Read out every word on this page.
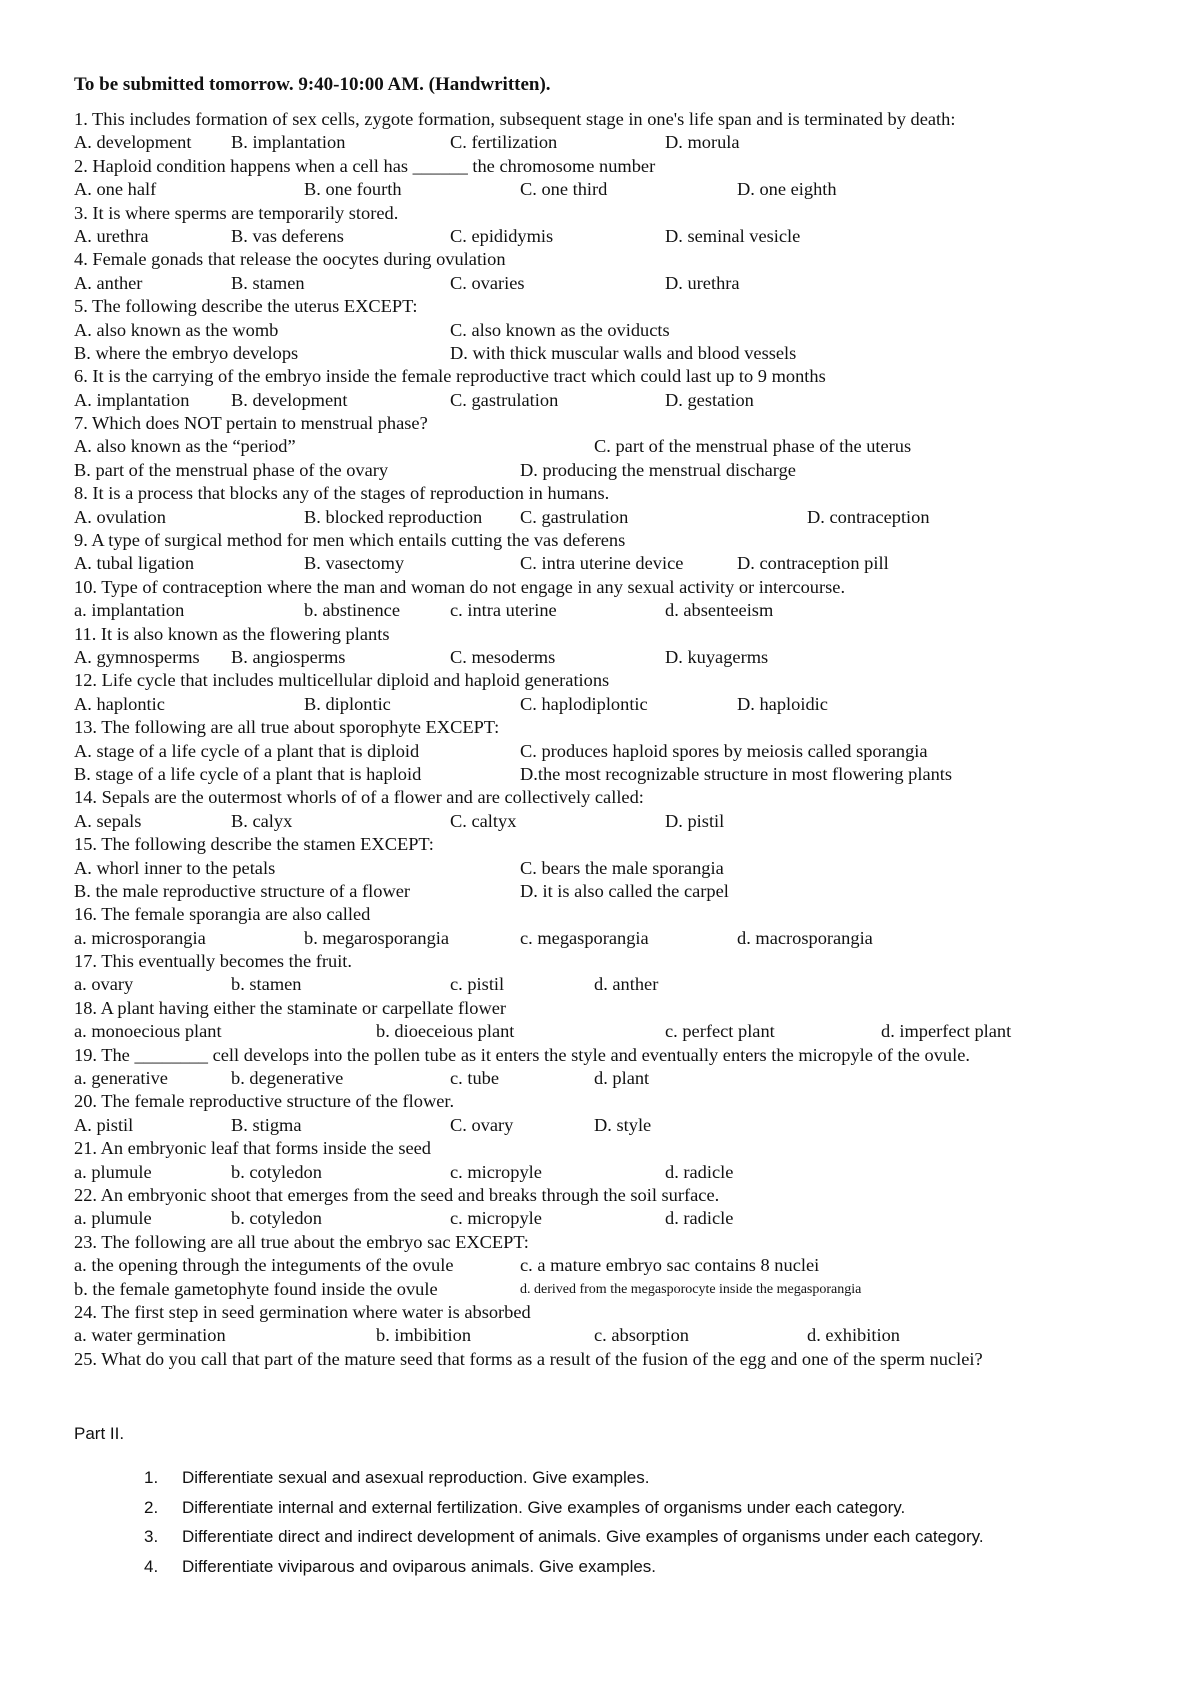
To be submitted tomorrow. 9:40-10:00 AM. (Handwritten).
1. This includes formation of sex cells, zygote formation, subsequent stage in one's life span and is terminated by death:
A. development B. implantation	C. fertilization	D. morula
2. Haploid condition happens when a cell has ______ the chromosome number
A. one half	B. one fourth	C. one third	D. one eighth
3. It is where sperms are temporarily stored.
A. urethra	B. vas deferens	C. epididymis	D. seminal vesicle
4. Female gonads that release the oocytes during ovulation
A. anther	B. stamen	C. ovaries	D. urethra
5. The following describe the uterus EXCEPT:
A. also known as the womb	C. also known as the oviducts
B. where the embryo develops	D. with thick muscular walls and blood vessels
6. It is the carrying of the embryo inside the female reproductive tract which could last up to 9 months
A. implantation B. development	C. gastrulation	D. gestation
7. Which does NOT pertain to menstrual phase?
A. also known as the “period”	C. part of the menstrual phase of the uterus
B. part of the menstrual phase of the ovary	D. producing the menstrual discharge
8. It is a process that blocks any of the stages of reproduction in humans.
A. ovulation	B. blocked reproduction C. gastrulation	D. contraception
9. A type of surgical method for men which entails cutting the vas deferens
A. tubal ligation	B. vasectomy	C. intra uterine device	D. contraception pill
10. Type of contraception where the man and woman do not engage in any sexual activity or intercourse.
a. implantation	b. abstinence	c. intra uterine	d. absenteeism
11. It is also known as the flowering plants
A. gymnosperms B. angiosperms	C. mesoderms	D. kuyagerms
12. Life cycle that includes multicellular diploid and haploid generations
A. haplontic	B. diplontic	C. haplodiplontic	D. haploidic
13. The following are all true about sporophyte EXCEPT:
A. stage of a life cycle of a plant that is diploid	C. produces haploid spores by meiosis called sporangia
B. stage of a life cycle of a plant that is haploid	D.the most recognizable structure in most flowering plants
14. Sepals are the outermost whorls of of a flower and are collectively called:
A. sepals	B. calyx	C. caltyx	D. pistil
15. The following describe the stamen EXCEPT:
A. whorl inner to the petals	C. bears the male sporangia
B. the male reproductive structure of a flower	D. it is also called the carpel
16. The female sporangia are also called
a. microsporangia	b. megarosporangia	c. megasporangia	d. macrosporangia
17. This eventually becomes the fruit.
a. ovary	b. stamen	c. pistil	d. anther
18. A plant having either the staminate or carpellate flower
a. monoecious plant	b. dioeceious plant	c. perfect plant	d. imperfect plant
19. The ________ cell develops into the pollen tube as it enters the style and eventually enters the micropyle of the ovule.
a. generative	b. degenerative	c. tube	d. plant
20. The female reproductive structure of the flower.
A. pistil	B. stigma	C. ovary	D. style
21. An embryonic leaf that forms inside the seed
a. plumule	b. cotyledon	c. micropyle	d. radicle
22. An embryonic shoot that emerges from the seed and breaks through the soil surface.
a. plumule	b. cotyledon	c. micropyle	d. radicle
23. The following are all true about the embryo sac EXCEPT:
a. the opening through the integuments of the ovule	c. a mature embryo sac contains 8 nuclei
b. the female gametophyte found inside the ovule	d. derived from the megasporocyte inside the megasporangia
24. The first step in seed germination where water is absorbed
a. water germination	b. imbibition	c. absorption	d. exhibition
25. What do you call that part of the mature seed that forms as a result of the fusion of the egg and one of the sperm nuclei?
Part II.
1. Differentiate sexual and asexual reproduction. Give examples.
2. Differentiate internal and external fertilization. Give examples of organisms under each category.
3. Differentiate direct and indirect development of animals. Give examples of organisms under each category.
4. Differentiate viviparous and oviparous animals. Give examples.
